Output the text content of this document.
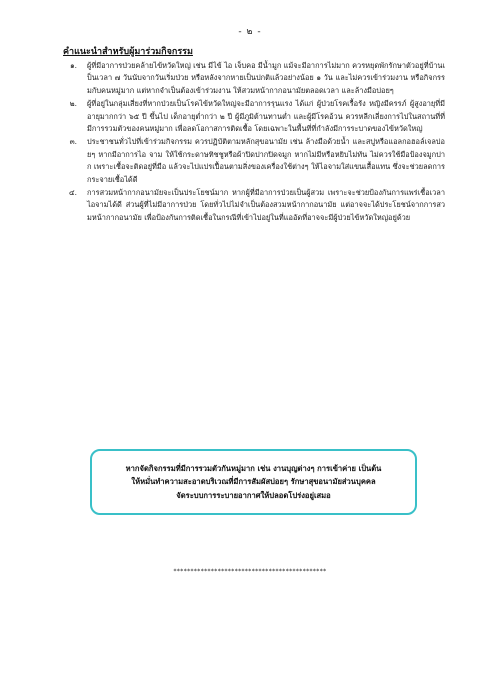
- ๒ -
คำแนะนำสำหรับผู้มาร่วมกิจกรรม
๑.	ผู้ที่มีอาการป่วยคล้ายไข้หวัดใหญ่ เช่น มีไข้ ไอ เจ็บคอ มีน้ำมูก แม้จะมีอาการไม่มาก ควรหยุดพักรักษาตัวอยู่ที่บ้านเป็นเวลา ๗ วันนับจากวันเริ่มป่วย หรือหลังจากหายเป็นปกติแล้วอย่างน้อย ๑ วัน และไม่ควรเข้าร่วมงาน หรือกิจกรรมกับคนหมู่มาก แต่หากจำเป็นต้องเข้าร่วมงาน ให้สวมหน้ากากอนามัยตลอดเวลา และล้างมือบ่อยๆ
๒.	ผู้ที่อยู่ในกลุ่มเสี่ยงที่หากป่วยเป็นโรคไข้หวัดใหญ่จะมีอาการรุนแรง ได้แก่ ผู้ป่วยโรคเรื้อรัง หญิงมีครรภ์ ผู้สูงอายุที่มีอายุมากกว่า ๖๕ ปี ขึ้นไป เด็กอายุต่ำกว่า ๒ ปี ผู้มีภูมิต้านทานต่ำ และผู้มีโรคอ้วน ควรหลีกเลี่ยงการไปในสถานที่ที่มีการรวมตัวของคนหมู่มาก เพื่อลดโอกาสการติดเชื้อ โดยเฉพาะในพื้นที่ที่กำลังมีการระบาดของไข้หวัดใหญ่
๓.	ประชาชนทั่วไปที่เข้าร่วมกิจกรรม ควรปฏิบัติตามหลักสุขอนามัย เช่น ล้างมือด้วยน้ำ และสบู่หรือแอลกอฮอล์เจลบ่อยๆ หากมีอาการไอ จาม ให้ใช้กระดาษทิชชูหรือผ้าปิดปากปิดจมูก หากไม่มีหรือหยิบไม่ทัน ไม่ควรใช้มือป้องจมูกปาก เพราะเชื้อจะติดอยู่ที่มือ แล้วจะไปแปรเปื้อนตามสิ่งของเครื่องใช้ต่างๆ ให้ไอจามใส่แขนเสื้อแทน ซึ่งจะช่วยลดการกระจายเชื้อได้ดี
๔.	การสวมหน้ากากอนามัยจะเป็นประโยชน์มาก หากผู้ที่มีอาการป่วยเป็นผู้สวม เพราะจะช่วยป้องกันการแพร่เชื้อเวลาไอจามได้ดี ส่วนผู้ที่ไม่มีอาการป่วย โดยทั่วไปไม่จำเป็นต้องสวมหน้ากากอนามัย แต่อาจจะได้ประโยชน์จากการสวมหน้ากากอนามัย เพื่อป้องกันการติดเชื้อในกรณีที่เข้าไปอยู่ในที่แออัดที่อาจจะมีผู้ป่วยไข้หวัดใหญ่อยู่ด้วย
หากจัดกิจกรรมที่มีการรวมตัวกันหมู่มาก เช่น งานบุญต่างๆ การเข้าค่าย เป็นต้น
ให้หมั่นทำความสะอาดบริเวณที่มีการสัมผัสบ่อยๆ รักษาสุขอนามัยส่วนบุคคล
จัดระบบการระบายอากาศให้ปลอดโปร่งอยู่เสมอ
*********************************************
